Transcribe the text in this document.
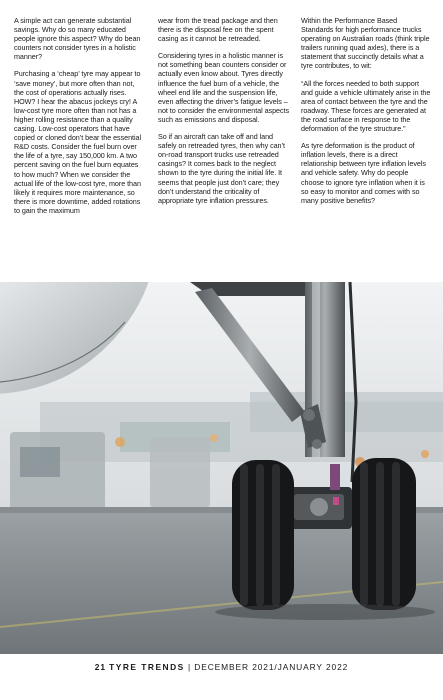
A simple act can generate substantial savings. Why do so many educated people ignore this aspect? Why do bean counters not consider tyres in a holistic manner?

Purchasing a ‘cheap’ tyre may appear to ‘save money’, but more often than not, the cost of operations actually rises. HOW? I hear the abacus jockeys cry! A low-cost tyre more often than not has a higher rolling resistance than a quality casing. Low-cost operators that have copied or cloned don’t bear the essential R&D costs. Consider the fuel burn over the life of a tyre, say 150,000 km. A two percent saving on the fuel burn equates to how much? When we consider the actual life of the low-cost tyre, more than likely it requires more maintenance, so there is more downtime, added rotations to gain the maximum

wear from the tread package and then there is the disposal fee on the spent casing as it cannot be retreaded.

Considering tyres in a holistic manner is not something bean counters consider or actually even know about. Tyres directly influence the fuel burn of a vehicle, the wheel end life and the suspension life, even affecting the driver’s fatigue levels – not to consider the environmental aspects such as emissions and disposal.

So if an aircraft can take off and land safely on retreaded tyres, then why can’t on-road transport trucks use retreaded casings? It comes back to the neglect shown to the tyre during the initial life. It seems that people just don’t care; they don’t understand the criticality of appropriate tyre inflation pressures.

Within the Performance Based Standards for high performance trucks operating on Australian roads (think triple trailers running quad axles), there is a statement that succinctly details what a tyre contributes, to wit:

“All the forces needed to both support and guide a vehicle ultimately arise in the area of contact between the tyre and the roadway. These forces are generated at the road surface in response to the deformation of the tyre structure.”

As tyre deformation is the product of inflation levels, there is a direct relationship between tyre inflation levels and vehicle safety. Why do people choose to ignore tyre inflation when it is so easy to monitor and comes with so many positive benefits?

21 TYRE TRENDS | DECEMBER 2021/JANUARY 2022
